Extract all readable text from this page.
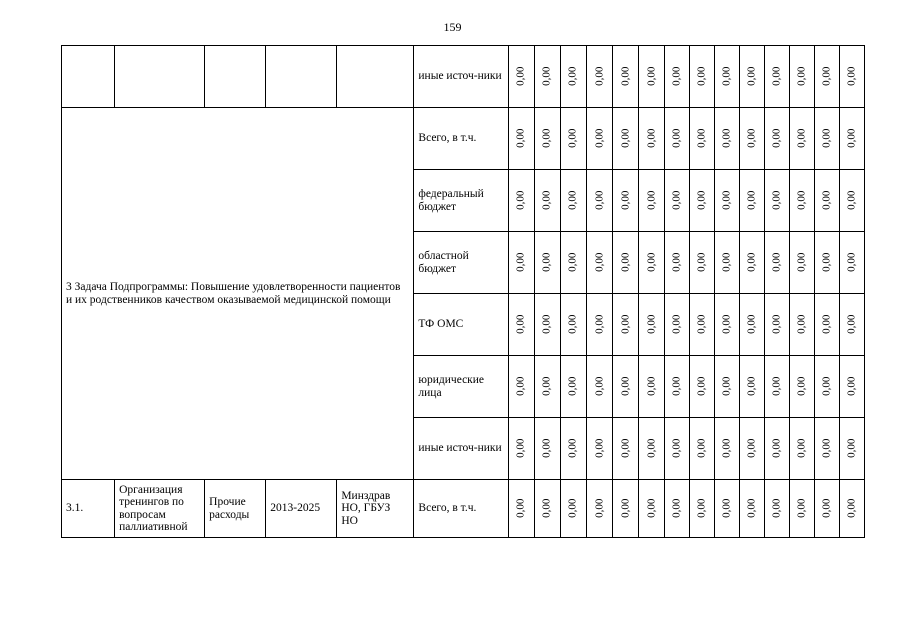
159
					иные источ-ники	0,00	0,00	0,00	0,00	0,00	0,00	0,00	0,00	0,00	0,00	0,00	0,00	0,00	0,00
3 Задача Подпрограммы: Повышение удовлетворенности пациентов и их родственников качеством оказываемой медицинской помощи					Всего, в т.ч.	0,00	0,00	0,00	0,00	0,00	0,00	0,00	0,00	0,00	0,00	0,00	0,00	0,00	0,00
					федеральный бюджет	0,00	0,00	0,00	0,00	0,00	0,00	0,00	0,00	0,00	0,00	0,00	0,00	0,00	0,00
					областной бюджет	0,00	0,00	0,00	0,00	0,00	0,00	0,00	0,00	0,00	0,00	0,00	0,00	0,00	0,00
					ТФ ОМС	0,00	0,00	0,00	0,00	0,00	0,00	0,00	0,00	0,00	0,00	0,00	0,00	0,00	0,00
					юридические лица	0,00	0,00	0,00	0,00	0,00	0,00	0,00	0,00	0,00	0,00	0,00	0,00	0,00	0,00
					иные источ-ники	0,00	0,00	0,00	0,00	0,00	0,00	0,00	0,00	0,00	0,00	0,00	0,00	0,00	0,00
3.1.	Организация тренингов по вопросам паллиативной	Прочие расходы	2013-2025	Минздрав НО, ГБУЗ НО	Всего, в т.ч.	0,00	0,00	0,00	0,00	0,00	0,00	0,00	0,00	0,00	0,00	0,00	0,00	0,00	0,00
